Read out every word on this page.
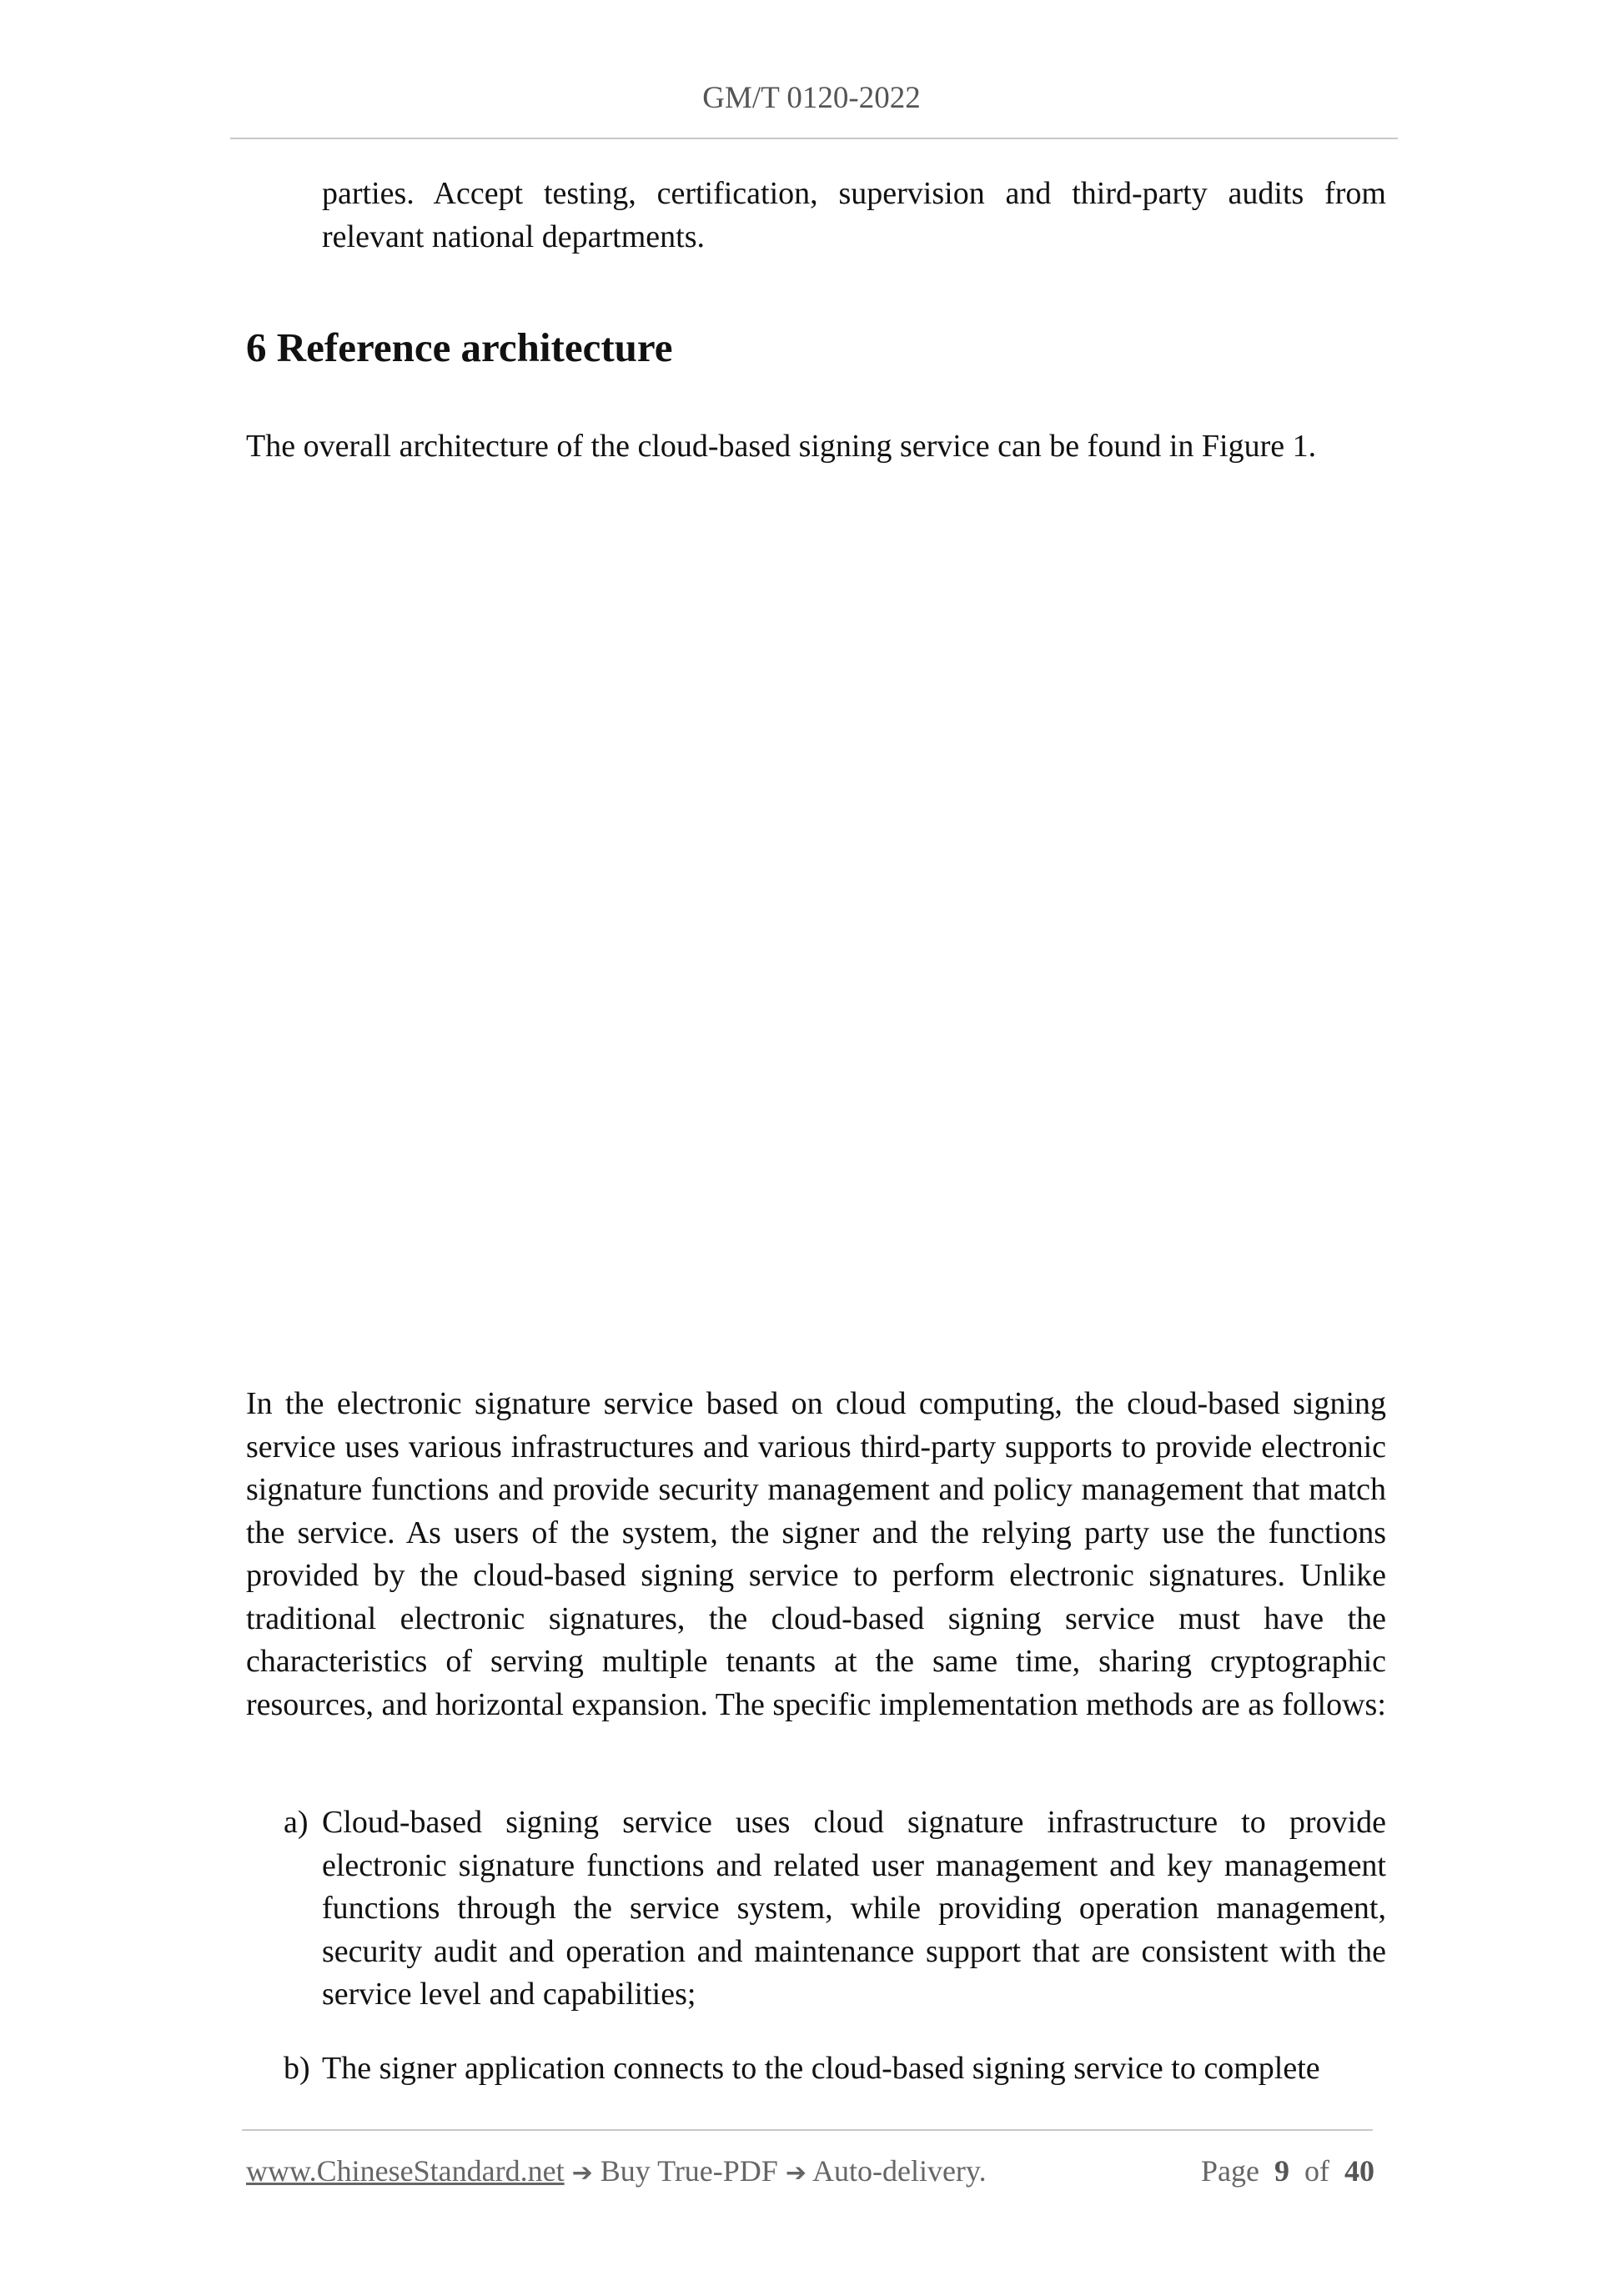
GM/T 0120-2022

parties. Accept testing, certification, supervision and third-party audits from relevant national departments.

6 Reference architecture

The overall architecture of the cloud-based signing service can be found in Figure 1.

In the electronic signature service based on cloud computing, the cloud-based signing service uses various infrastructures and various third-party supports to provide electronic signature functions and provide security management and policy management that match the service. As users of the system, the signer and the relying party use the functions provided by the cloud-based signing service to perform electronic signatures. Unlike traditional electronic signatures, the cloud-based signing service must have the characteristics of serving multiple tenants at the same time, sharing cryptographic resources, and horizontal expansion. The specific implementation methods are as follows:

a) Cloud-based signing service uses cloud signature infrastructure to provide electronic signature functions and related user management and key management functions through the service system, while providing operation management, security audit and operation and maintenance support that are consistent with the service level and capabilities;

b) The signer application connects to the cloud-based signing service to complete

www.ChineseStandard.net ➔ Buy True-PDF ➔ Auto-delivery.	Page 9 of 40
